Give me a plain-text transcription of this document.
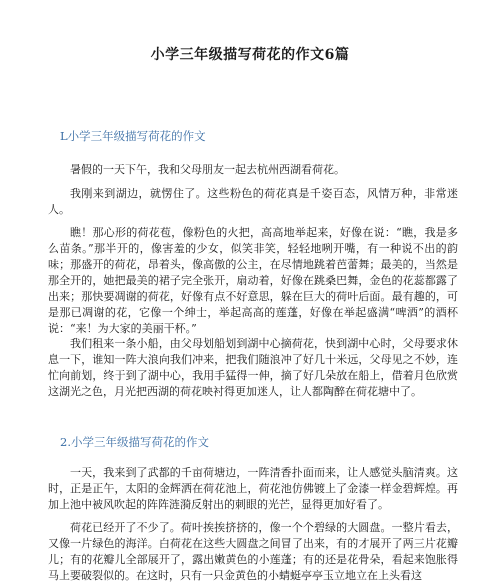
小学三年级描写荷花的作文6篇
L小学三年级描写荷花的作文
暑假的一天下午，我和父母朋友一起去杭州西湖看荷花。
我刚来到湖边，就愣住了。这些粉色的荷花真是千姿百态，风情万种，非常迷人。
瞧！那心形的荷花苞，像粉色的火把，高高地举起来，好像在说：“瞧，我是多么苗条。”那半开的，像害羞的少女，似笑非笑，轻轻地咧开嘴，有一种说不出的韵味；那盛开的荷花，昂着头，像高傲的公主，在尽情地跳着芭蕾舞；最美的，当然是那全开的，她把最美的裙子完全张开，扇动着，好像在跳桑巴舞，金色的花蕊都露了出来；那快要凋谢的荷花，好像有点不好意思，躲在巨大的荷叶后面。最有趣的，可是那已凋谢的花，它像一个绅士，举起高高的莲蓬，好像在举起盛满“啤酒”的酒杯说：“来！为大家的美丽干杯。”
我们租来一条小船，由父母划船划到湖中心摘荷花，快到湖中心时，父母要求休息一下，谁知一阵大浪向我们冲来，把我们随浪冲了好几十米远，父母见之不妙，连忙向前划，终于到了湖中心，我用手猛得一伸，摘了好几朵放在船上，借着月色欣赏这湖光之色，月光把西湖的荷花映衬得更加迷人，让人都陶醉在荷花塘中了。
2.小学三年级描写荷花的作文
一天，我来到了武都的千亩荷塘边，一阵清香扑面而来，让人感觉头脑清爽。这时，正是正午，太阳的金辉洒在荷花池上，荷花池仿佛镀上了金漆一样金碧辉煌。再加上池中被风吹起的阵阵涟漪反射出的刺眼的光芒，显得更加好看了。
荷花已经开了不少了。荷叶挨挨挤挤的，像一个个碧绿的大圆盘。一整片看去，又像一片绿色的海洋。白荷花在这些大圆盘之间冒了出来，有的才展开了两三片花瓣儿；有的花瓣儿全部展开了，露出嫩黄色的小莲蓬；有的还是花骨朵，看起来饱胀得马上要破裂似的。在这时，只有一只金黄色的小蜻蜓亭亭玉立地立在上头看这
